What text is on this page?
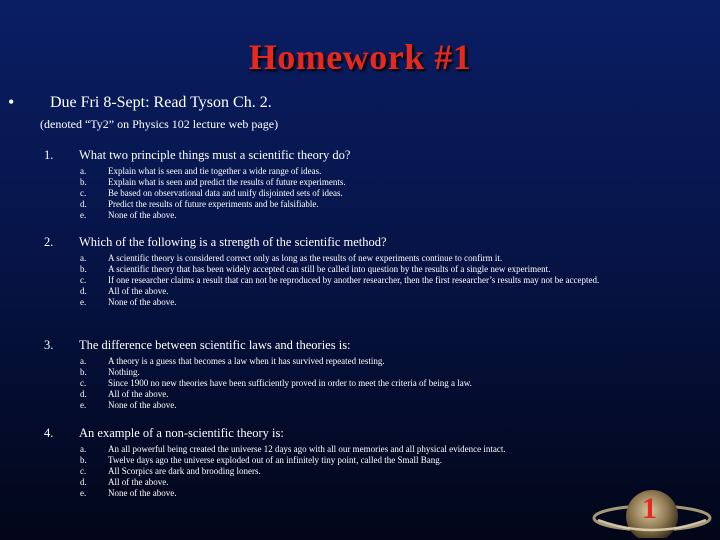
Homework #1
• Due Fri 8-Sept: Read Tyson Ch. 2.
(denoted “Ty2” on Physics 102 lecture web page)
1.	What two principle things must a scientific theory do?
a. Explain what is seen and tie together a wide range of ideas.
b. Explain what is seen and predict the results of future experiments.
c. Be based on observational data and unify disjointed sets of ideas.
d. Predict the results of future experiments and be falsifiable.
e. None of the above.
2.	Which of the following is a strength of the scientific method?
a. A scientific theory is considered correct only as long as the results of new experiments continue to confirm it.
b. A scientific theory that has been widely accepted can still be called into question by the results of a single new experiment.
c. If one researcher claims a result that can not be reproduced by another researcher, then the first researcher’s results may not be accepted.
d. All of the above.
e. None of the above.
3.	The difference between scientific laws and theories is:
a. A theory is a guess that becomes a law when it has survived repeated testing.
b. Nothing.
c. Since 1900 no new theories have been sufficiently proved in order to meet the criteria of being a law.
d. All of the above.
e. None of the above.
4.	An example of a non-scientific theory is:
a. An all powerful being created the universe 12 days ago with all our memories and all physical evidence intact.
b. Twelve days ago the universe exploded out of an infinitely tiny point, called the Small Bang.
c. All Scorpics are dark and brooding loners.
d. All of the above.
e. None of the above.	1
